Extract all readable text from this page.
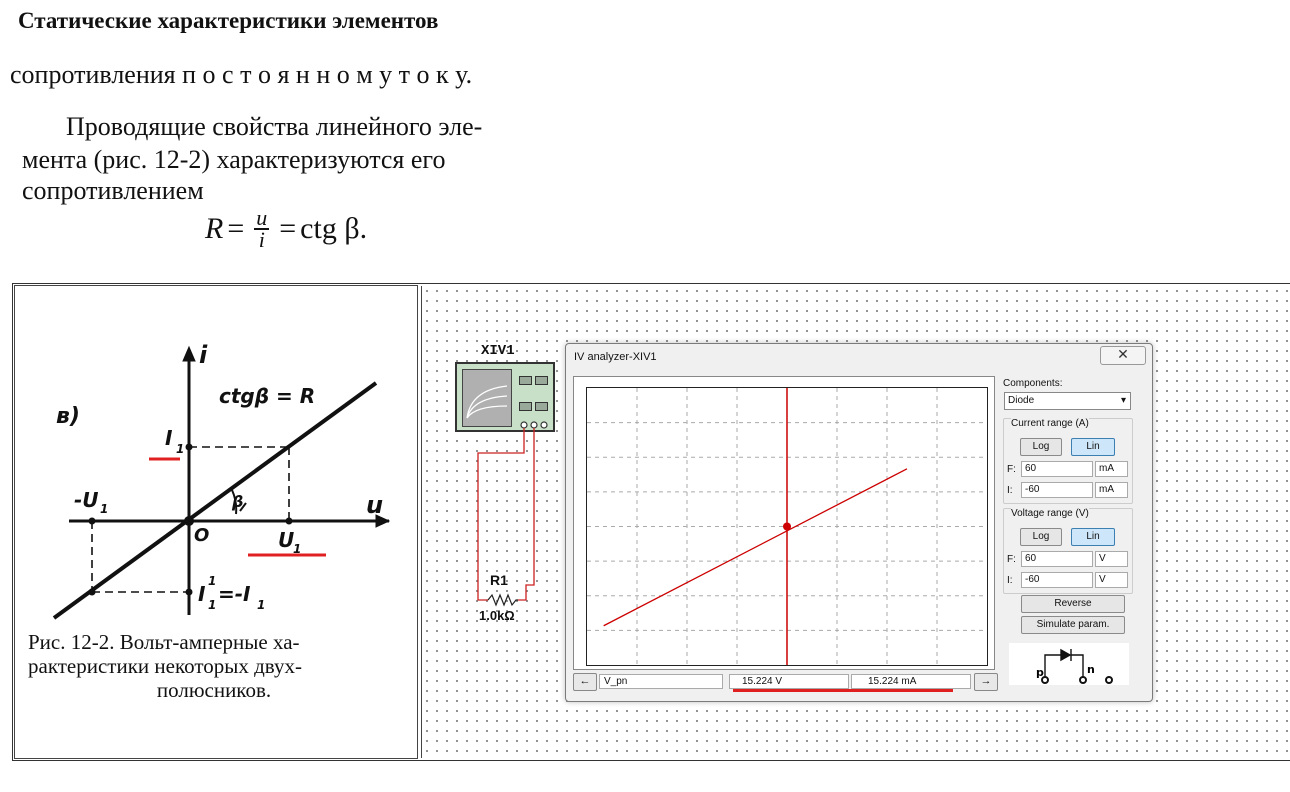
Статические характеристики элементов
сопротивления п о с т о я н н о м у т о к у.
Проводящие свойства линейного эле-
мента (рис. 12-2) характеризуются его
сопротивлением
$R = \frac{u}{i}$ = ctg β.
в)
i
u
O
β
ctgβ = R
I 1
U
1
-U 1
I 1
1
=-I 1
Рис. 12-2. Вольт-амперные ха-
рактеристики некоторых двух-
полюсников.
XIV1
R1
1.0kΩ
IV analyzer-XIV1	✕
Components:
Diode	▾
Current range (A)
Log	Lin
F: 60	mA
I:	-60	mA
Voltage range (V)
Log	Lin
F: 60	V
I:	-60	V
Reverse
Simulate param.
p	n
←	V_pn	15.224 V	15.224 mA	→
